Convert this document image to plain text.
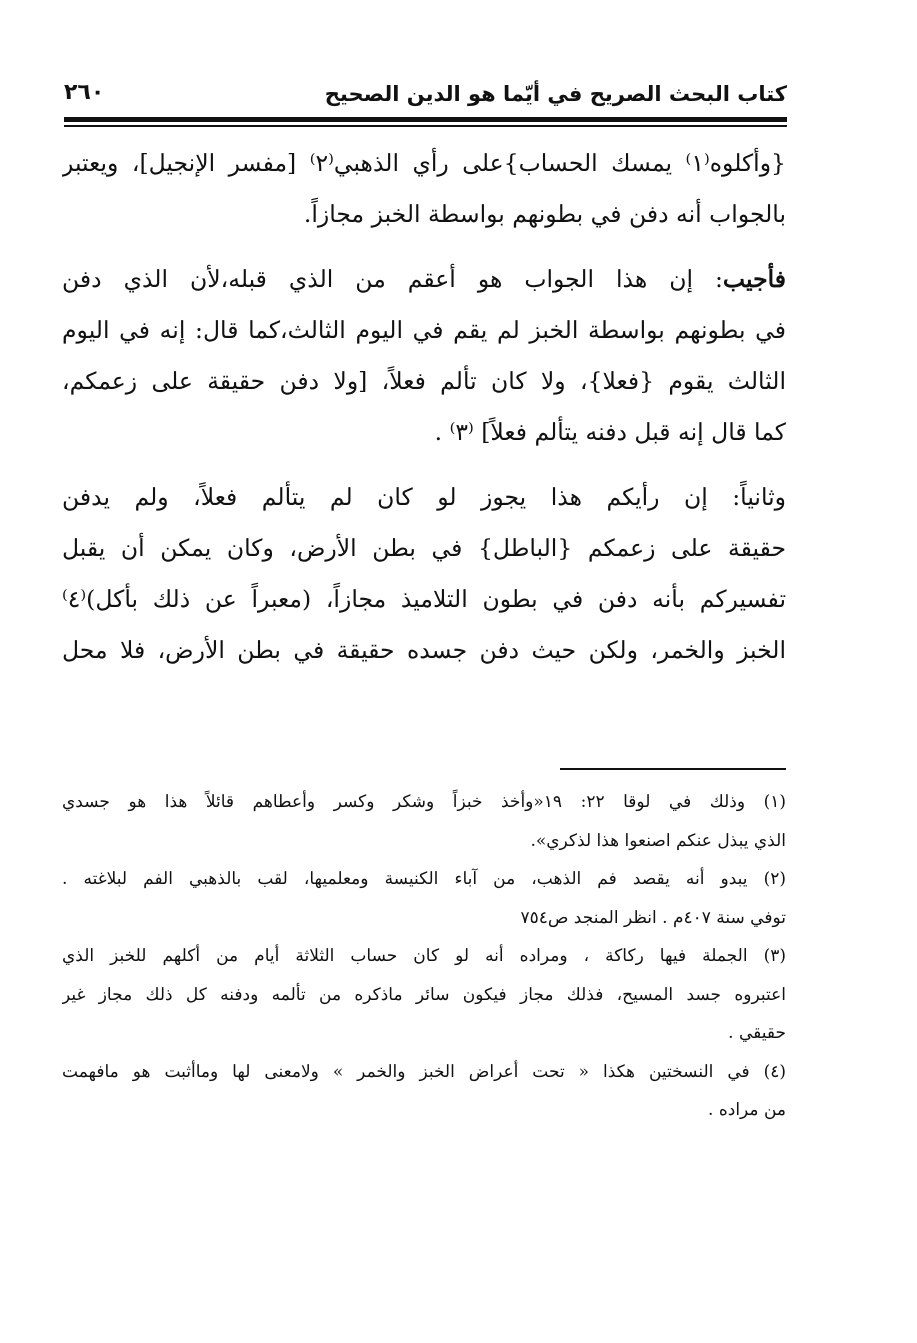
كتاب البحث الصريح في أيّما هو الدين الصحيح
٢٦٠
{وأكلوه⁽١⁾ يمسك الحساب}على رأي الذهبي⁽٢⁾ [مفسر الإنجيل]، ويعتبر
بالجواب أنه دفن في بطونهم بواسطة الخبز مجازاً.
فأجيب: إن هذا الجواب هو أعقم من الذي قبله،لأن الذي دفن
في بطونهم بواسطة الخبز لم يقم في اليوم الثالث،كما قال: إنه في اليوم
الثالث يقوم {فعلا}، ولا كان تألم فعلاً، [ولا دفن حقيقة على زعمكم،
كما قال إنه قبل دفنه يتألم فعلاً] ⁽٣⁾ .
وثانياً: إن رأيكم هذا يجوز لو كان لم يتألم فعلاً، ولم يدفن
حقيقة على زعمكم {الباطل} في بطن الأرض، وكان يمكن أن يقبل
تفسيركم بأنه دفن في بطون التلاميذ مجازاً، (معبراً عن ذلك بأكل)⁽٤⁾
الخبز والخمر، ولكن حيث دفن جسده حقيقة في بطن الأرض، فلا محل
(١) وذلك في لوقا ٢٢: ١٩«وأخذ خبزاً وشكر وكسر وأعطاهم قائلاً هذا هو جسدي
الذي يبذل عنكم اصنعوا هذا لذكري».
(٢) يبدو أنه يقصد فم الذهب، من آباء الكنيسة ومعلميها، لقب بالذهبي الفم لبلاغته .
توفي سنة ٤٠٧م . انظر المنجد ص٧٥٤
(٣) الجملة فيها ركاكة ، ومراده أنه لو كان حساب الثلاثة أيام من أكلهم للخبز الذي
اعتبروه جسد المسيح، فذلك مجاز فيكون سائر ماذكره من تألمه ودفنه كل ذلك مجاز غير
حقيقي .
(٤) في النسختين هكذا « تحت أعراض الخبز والخمر » ولامعنى لها وماأثبت هو مافهمت
من مراده .
